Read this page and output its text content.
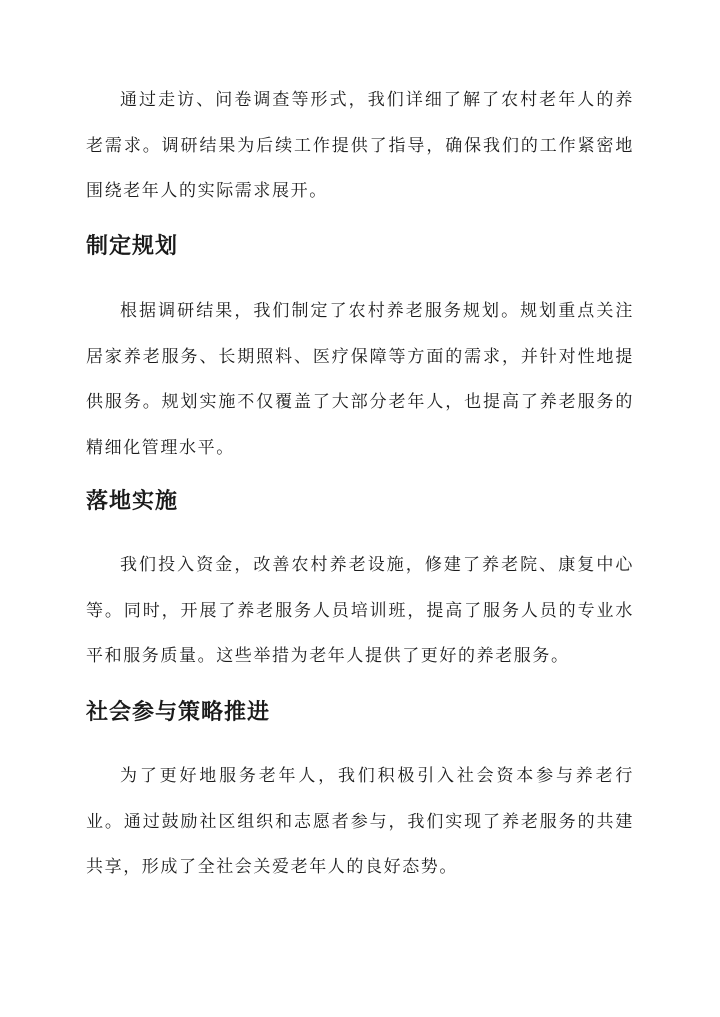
通过走访、问卷调查等形式，我们详细了解了农村老年人的养老需求。调研结果为后续工作提供了指导，确保我们的工作紧密地围绕老年人的实际需求展开。

制定规划

根据调研结果，我们制定了农村养老服务规划。规划重点关注居家养老服务、长期照料、医疗保障等方面的需求，并针对性地提供服务。规划实施不仅覆盖了大部分老年人，也提高了养老服务的精细化管理水平。

落地实施

我们投入资金，改善农村养老设施，修建了养老院、康复中心等。同时，开展了养老服务人员培训班，提高了服务人员的专业水平和服务质量。这些举措为老年人提供了更好的养老服务。

社会参与策略推进

为了更好地服务老年人，我们积极引入社会资本参与养老行业。通过鼓励社区组织和志愿者参与，我们实现了养老服务的共建共享，形成了全社会关爱老年人的良好态势。
